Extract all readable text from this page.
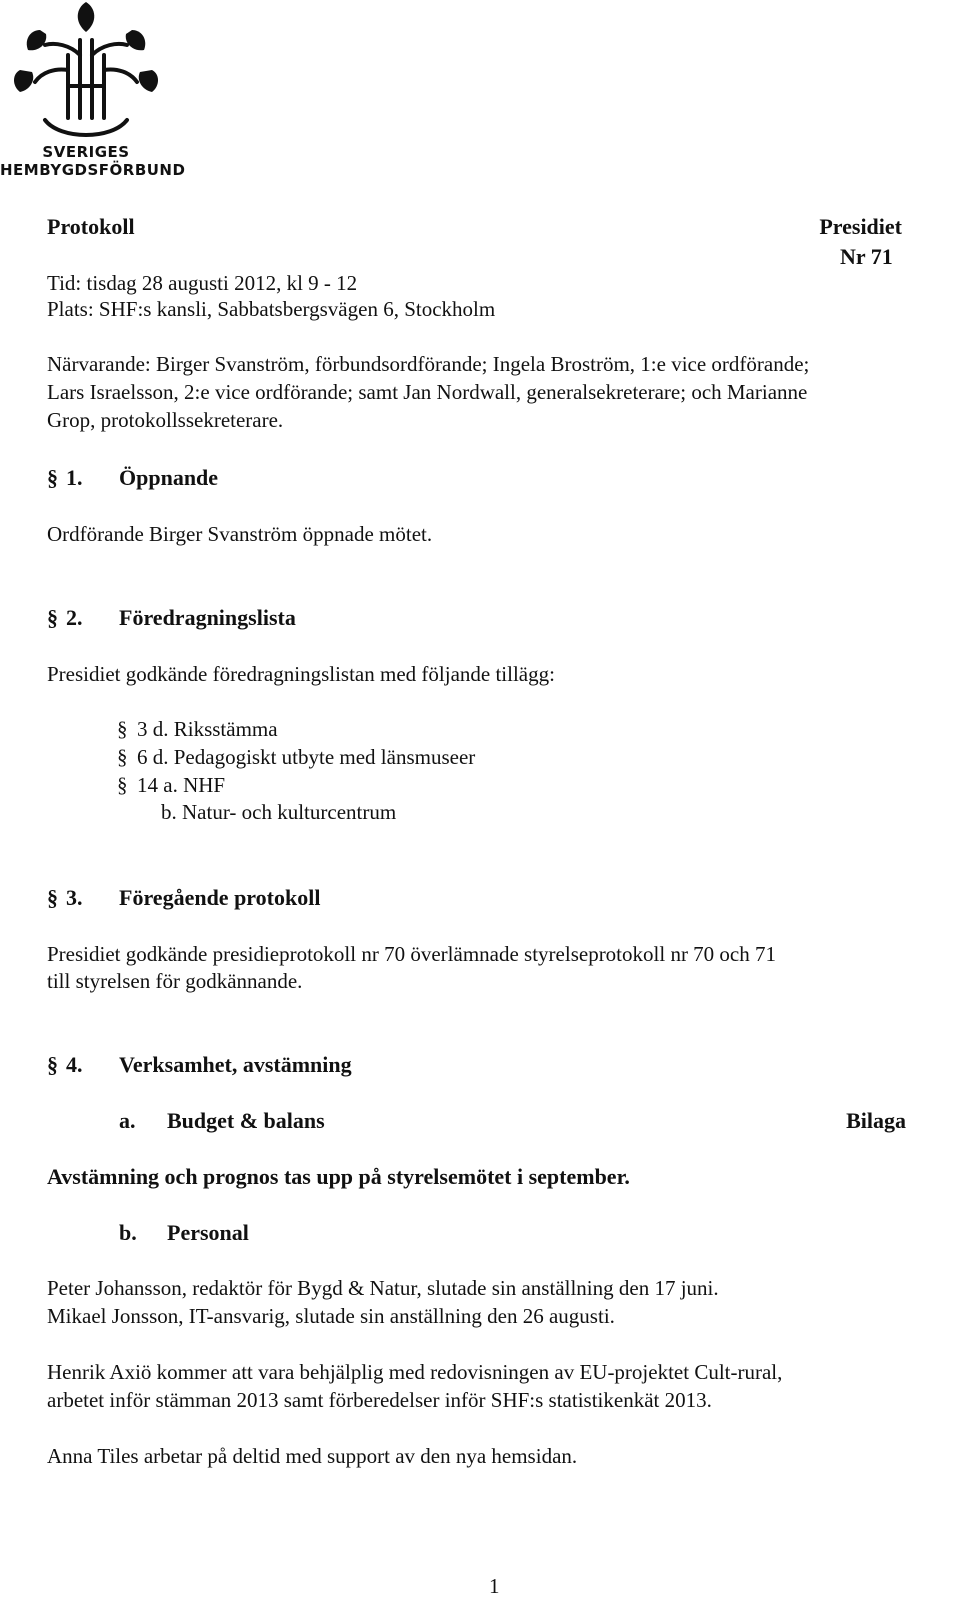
SVERIGES
HEMBYGDSFÖRBUND
Protokoll	Presidiet
Nr 71
Tid: tisdag 28 augusti 2012, kl 9 - 12
Plats: SHF:s kansli, Sabbatsbergsvägen 6, Stockholm
Närvarande: Birger Svanström, förbundsordförande; Ingela Broström, 1:e vice ordförande;
Lars Israelsson, 2:e vice ordförande; samt Jan Nordwall, generalsekreterare; och Marianne
Grop, protokollssekreterare.
§ 1. Öppnande
Ordförande Birger Svanström öppnade mötet.
§ 2. Föredragningslista
Presidiet godkände föredragningslistan med följande tillägg:
§ 3 d. Riksstämma
§ 6 d. Pedagogiskt utbyte med länsmuseer
§ 14 a. NHF
b. Natur- och kulturcentrum
§ 3. Föregående protokoll
Presidiet godkände presidieprotokoll nr 70 överlämnade styrelseprotokoll nr 70 och 71
till styrelsen för godkännande.
§ 4. Verksamhet, avstämning
a. Budget & balans	Bilaga
Avstämning och prognos tas upp på styrelsemötet i september.
b. Personal
Peter Johansson, redaktör för Bygd & Natur, slutade sin anställning den 17 juni.
Mikael Jonsson, IT-ansvarig, slutade sin anställning den 26 augusti.
Henrik Axiö kommer att vara behjälplig med redovisningen av EU-projektet Cult-rural,
arbetet inför stämman 2013 samt förberedelser inför SHF:s statistikenkät 2013.
Anna Tiles arbetar på deltid med support av den nya hemsidan.
1
